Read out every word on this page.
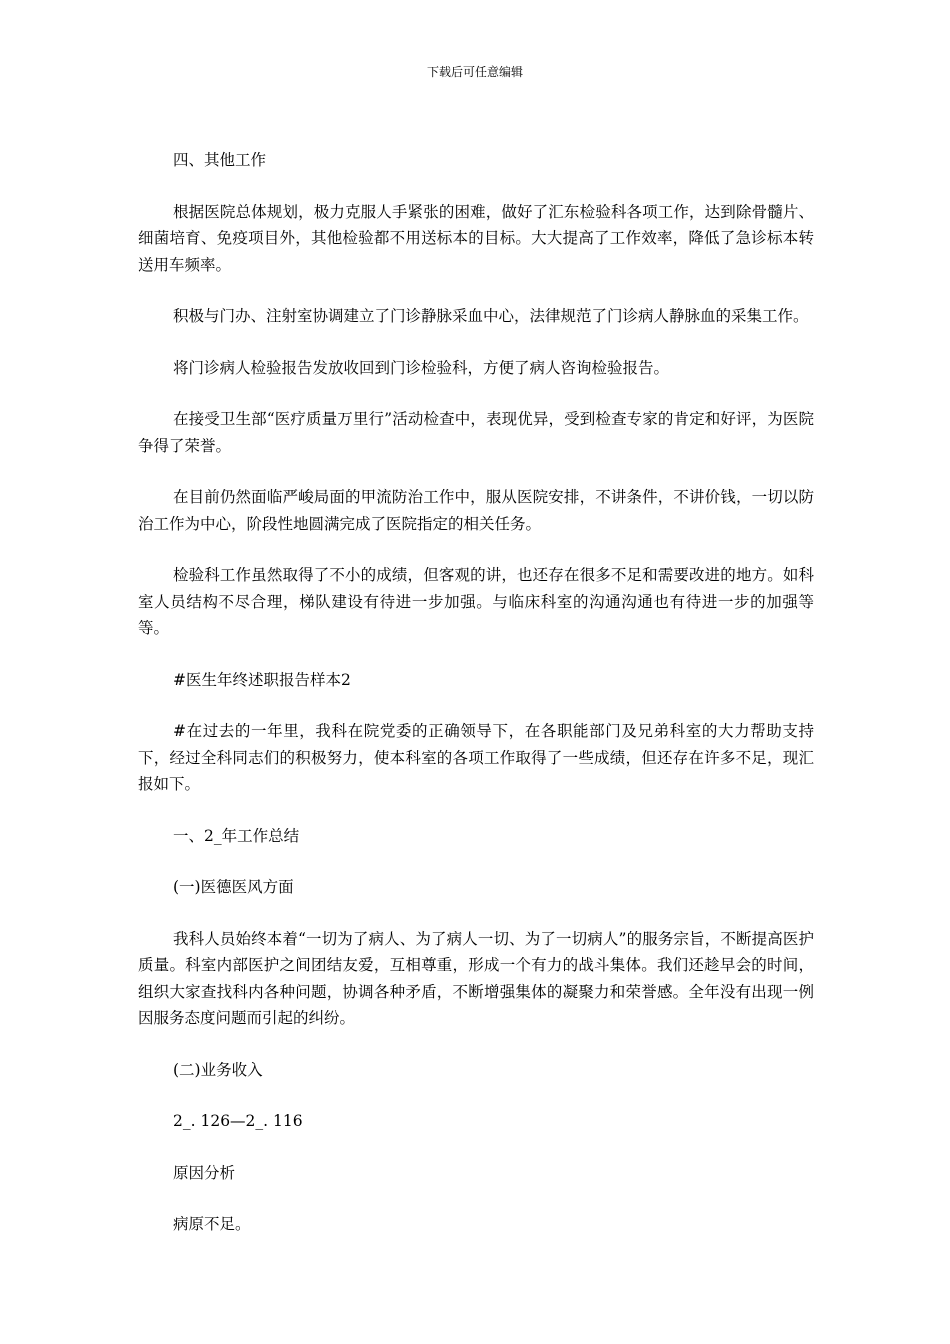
下载后可任意编辑

四、其他工作

根据医院总体规划，极力克服人手紧张的困难，做好了汇东检验科各项工作，达到除骨髓片、细菌培育、免疫项目外，其他检验都不用送标本的目标。大大提高了工作效率，降低了急诊标本转送用车频率。

积极与门办、注射室协调建立了门诊静脉采血中心，法律规范了门诊病人静脉血的采集工作。

将门诊病人检验报告发放收回到门诊检验科，方便了病人咨询检验报告。

在接受卫生部“医疗质量万里行”活动检查中，表现优异，受到检查专家的肯定和好评，为医院争得了荣誉。

在目前仍然面临严峻局面的甲流防治工作中，服从医院安排，不讲条件，不讲价钱，一切以防治工作为中心，阶段性地圆满完成了医院指定的相关任务。

检验科工作虽然取得了不小的成绩，但客观的讲，也还存在很多不足和需要改进的地方。如科室人员结构不尽合理，梯队建设有待进一步加强。与临床科室的沟通沟通也有待进一步的加强等等。

#医生年终述职报告样本2

#在过去的一年里，我科在院党委的正确领导下，在各职能部门及兄弟科室的大力帮助支持下，经过全科同志们的积极努力，使本科室的各项工作取得了一些成绩，但还存在许多不足，现汇报如下。

一、2_年工作总结

(一)医德医风方面

我科人员始终本着“一切为了病人、为了病人一切、为了一切病人”的服务宗旨，不断提高医护质量。科室内部医护之间团结友爱，互相尊重，形成一个有力的战斗集体。我们还趁早会的时间，组织大家查找科内各种问题，协调各种矛盾，不断增强集体的凝聚力和荣誉感。全年没有出现一例因服务态度问题而引起的纠纷。

(二)业务收入

2_. 126—2_. 116

原因分析

病原不足。
